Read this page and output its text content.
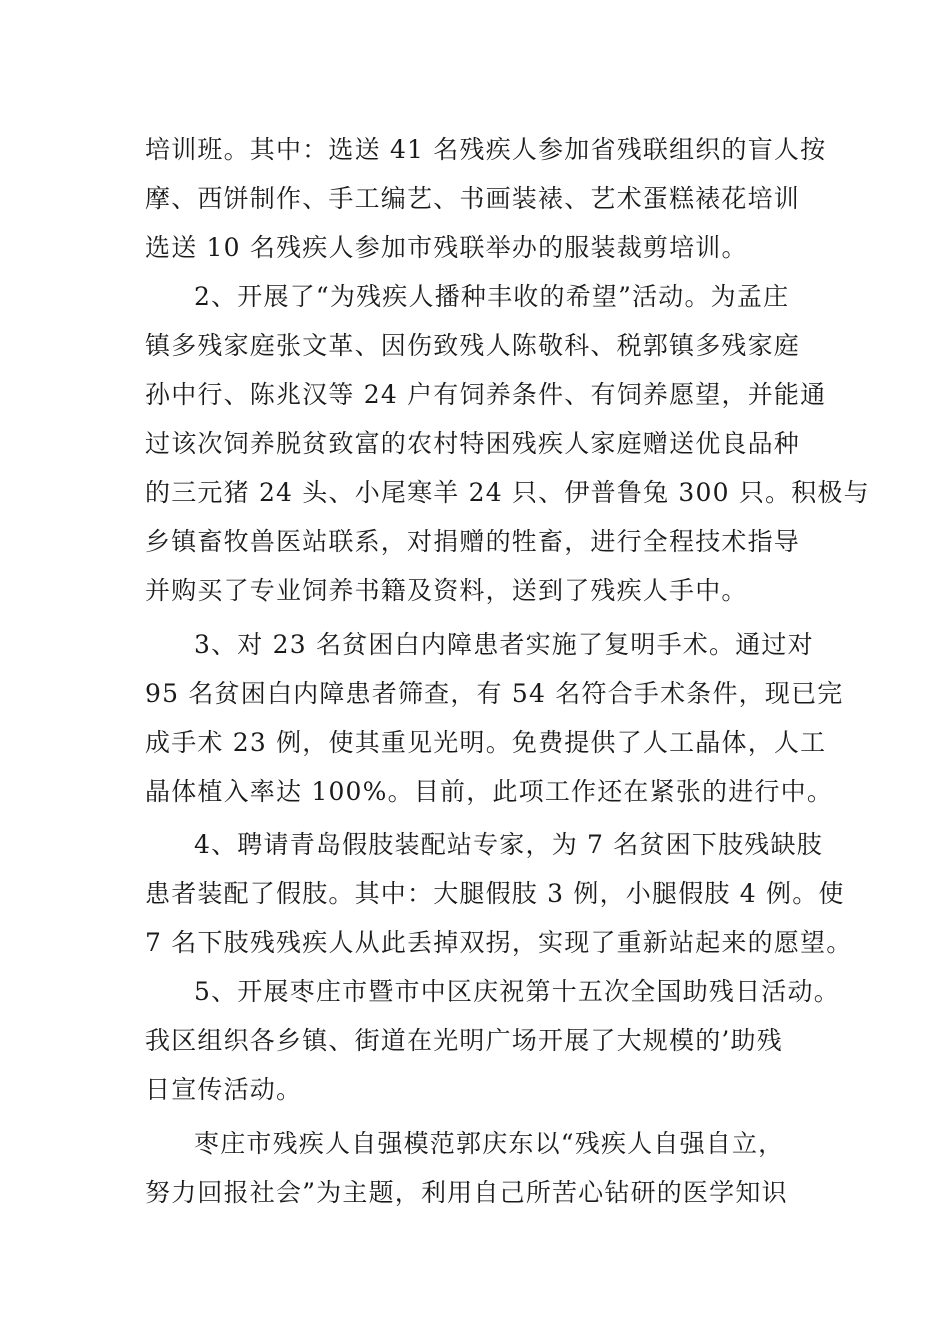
培训班。其中：选送 41 名残疾人参加省残联组织的盲人按
摩、西饼制作、手工编艺、书画装裱、艺术蛋糕裱花培训
选送 10 名残疾人参加市残联举办的服装裁剪培训。
2、开展了“为残疾人播种丰收的希望”活动。为孟庄
镇多残家庭张文革、因伤致残人陈敬科、税郭镇多残家庭
孙中行、陈兆汉等 24 户有饲养条件、有饲养愿望，并能通
过该次饲养脱贫致富的农村特困残疾人家庭赠送优良品种
的三元猪 24 头、小尾寒羊 24 只、伊普鲁兔 300 只。积极与
乡镇畜牧兽医站联系，对捐赠的牲畜，进行全程技术指导
并购买了专业饲养书籍及资料，送到了残疾人手中。
3、对 23 名贫困白内障患者实施了复明手术。通过对
95 名贫困白内障患者筛查，有 54 名符合手术条件，现已完
成手术 23 例，使其重见光明。免费提供了人工晶体，人工
晶体植入率达 100%。目前，此项工作还在紧张的进行中。
4、聘请青岛假肢装配站专家，为 7 名贫困下肢残缺肢
患者装配了假肢。其中：大腿假肢 3 例，小腿假肢 4 例。使
7 名下肢残残疾人从此丢掉双拐，实现了重新站起来的愿望。
5、开展枣庄市暨市中区庆祝第十五次全国助残日活动。
我区组织各乡镇、街道在光明广场开展了大规模的’助残
日宣传活动。
枣庄市残疾人自强模范郭庆东以“残疾人自强自立，
努力回报社会”为主题，利用自己所苦心钻研的医学知识
